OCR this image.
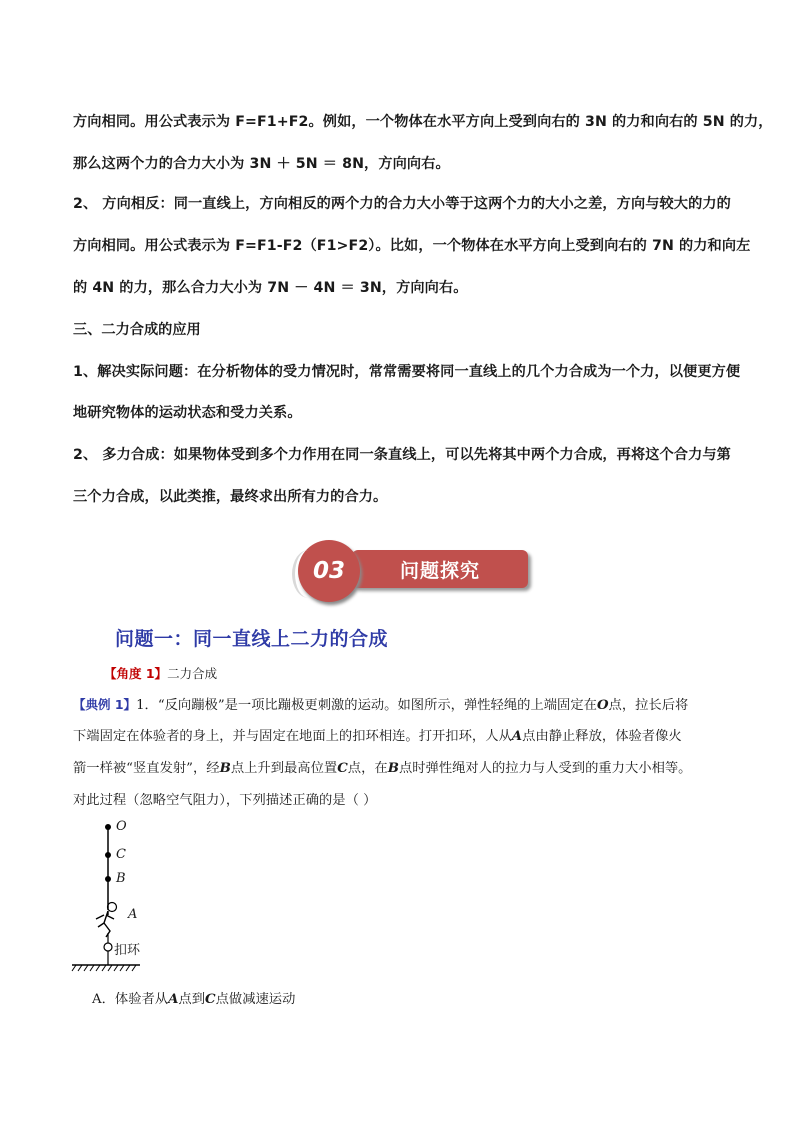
方向相同。用公式表示为 F=F1+F2。例如，一个物体在水平方向上受到向右的 3N 的力和向右的 5N 的力，
那么这两个力的合力大小为 3N ＋ 5N ＝ 8N，方向向右。
2、 方向相反：同一直线上，方向相反的两个力的合力大小等于这两个力的大小之差，方向与较大的力的
方向相同。用公式表示为 F=F1-F2（F1>F2）。比如，一个物体在水平方向上受到向右的 7N 的力和向左
的 4N 的力，那么合力大小为 7N － 4N ＝ 3N，方向向右。
三、二力合成的应用
1、解决实际问题：在分析物体的受力情况时，常常需要将同一直线上的几个力合成为一个力，以便更方便
地研究物体的运动状态和受力关系。
2、 多力合成：如果物体受到多个力作用在同一条直线上，可以先将其中两个力合成，再将这个合力与第
三个力合成，以此类推，最终求出所有力的合力。
问题探究
03
问题一：同一直线上二力的合成
【角度 1】二力合成
【典例 1】1．“反向蹦极”是一项比蹦极更刺激的运动。如图所示，弹性轻绳的上端固定在O点，拉长后将
下端固定在体验者的身上，并与固定在地面上的扣环相连。打开扣环，人从A点由静止释放，体验者像火
箭一样被“竖直发射”，经B点上升到最高位置C点，在B点时弹性绳对人的拉力与人受到的重力大小相等。
对此过程（忽略空气阻力），下列描述正确的是（ ）
O
C
B
A
扣环
A．体验者从A点到C点做减速运动
